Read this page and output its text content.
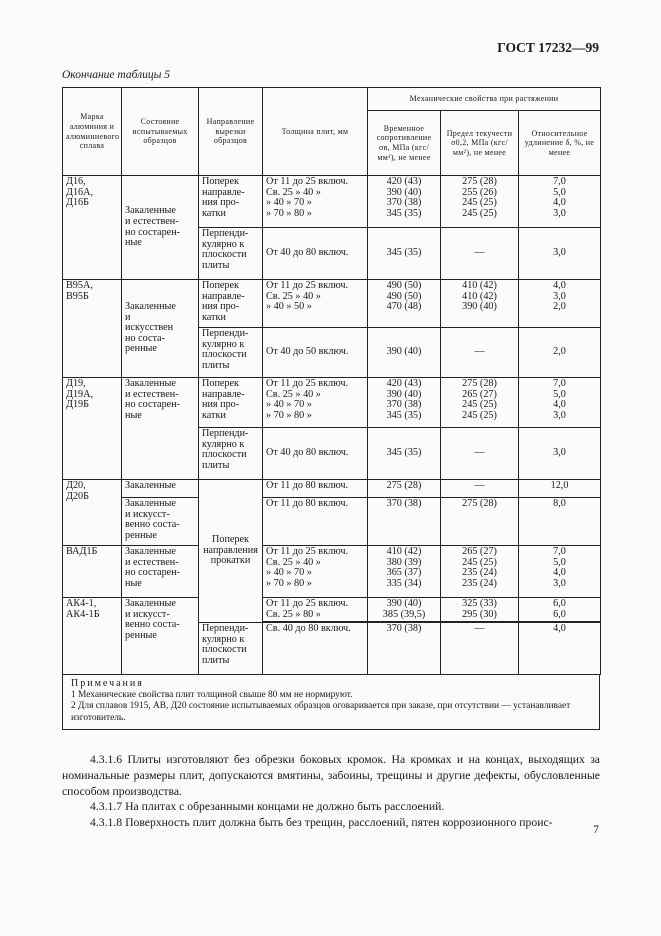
ГОСТ 17232—99
Окончание таблицы 5
Марка алюминия и алюминиевого сплава	Состояние испытываемых образцов	Направление вырезки образцов	Толщина плит, мм	Механические свойства при растяжении		
				Временное сопротивление σв, МПа (кгс/мм²), не менее	Предел текучести σ0,2, МПа (кгс/мм²), не менее	Относительное удлинение δ, %, не менее

Д16,
Д16А,
Д16Б	Закаленные
и естествен-
но состарен-
ные	Поперек
направле-
ния про-
катки	От 11 до 25 включ.
Св. 25 » 40 »
» 40 » 70 »
» 70 » 80 »	420 (43)
390 (40)
370 (38)
345 (35)	275 (28)
255 (26)
245 (25)
245 (25)	7,0
5,0
4,0
3,0

		Перпенди-
кулярно к
плоскости
плиты	От 40 до 80 включ.	345 (35)	—	3,0

В95А,
В95Б	Закаленные
и
искусствен
но соста-
ренные	Поперек
направле-
ния про-
катки	От 11 до 25 включ.
Св. 25 » 40 »
» 40 » 50 »	490 (50)
490 (50)
470 (48)	410 (42)
410 (42)
390 (40)	4,0
3,0
2,0

		Перпенди-
кулярно к
плоскости
плиты	От 40 до 50 включ.	390 (40)	—	2,0

Д19,
Д19А,
Д19Б	Закаленные
и естествен-
но состарен-
ные	Поперек
направле-
ния про-
катки	От 11 до 25 включ.
Св. 25 » 40 »
» 40 » 70 »
» 70 » 80 »	420 (43)
390 (40)
370 (38)
345 (35)	275 (28)
265 (27)
245 (25)
245 (25)	7,0
5,0
4,0
3,0

		Перпенди-
кулярно к
плоскости
плиты	От 40 до 80 включ.	345 (35)	—	3,0

Д20,
Д20Б	Закаленные	Поперек
направления
прокатки	От 11 до 80 включ.	275 (28)	—	12,0

	Закаленные
и искусст-
венно соста-
ренные		От 11 до 80 включ.	370 (38)	275 (28)	8,0

ВАД1Б	Закаленные
и естествен-
но состарен-
ные		От 11 до 25 включ.
Св. 25 » 40 »
» 40 » 70 »
» 70 » 80 »	410 (42)
380 (39)
365 (37)
335 (34)	265 (27)
245 (25)
235 (24)
235 (24)	7,0
5,0
4,0
3,0

АК4-1,
АК4-1Б	Закаленные
и искусст-
венно соста-
ренные		От 11 до 25 включ.
Св. 25 » 80 »	390 (40)
385 (39,5)	325 (33)
295 (30)	6,0
6,0

		Перпенди-
кулярно к
плоскости
плиты	Св. 40 до 80 включ.	370 (38)	—	4,0
Примечания
1 Механические свойства плит толщиной свыше 80 мм не нормируют.
2 Для сплавов 1915, АВ, Д20 состояние испытываемых образцов оговаривается при заказе, при отсутствии — устанавливает изготовитель.

4.3.1.6 Плиты изготовляют без обрезки боковых кромок. На кромках и на концах, выходящих за номинальные размеры плит, допускаются вмятины, забоины, трещины и другие дефекты, обусловленные способом производства.

4.3.1.7 На плитах с обрезанными концами не должно быть расслоений.

4.3.1.8 Поверхность плит должна быть без трещин, расслоений, пятен коррозионного проис-

7
